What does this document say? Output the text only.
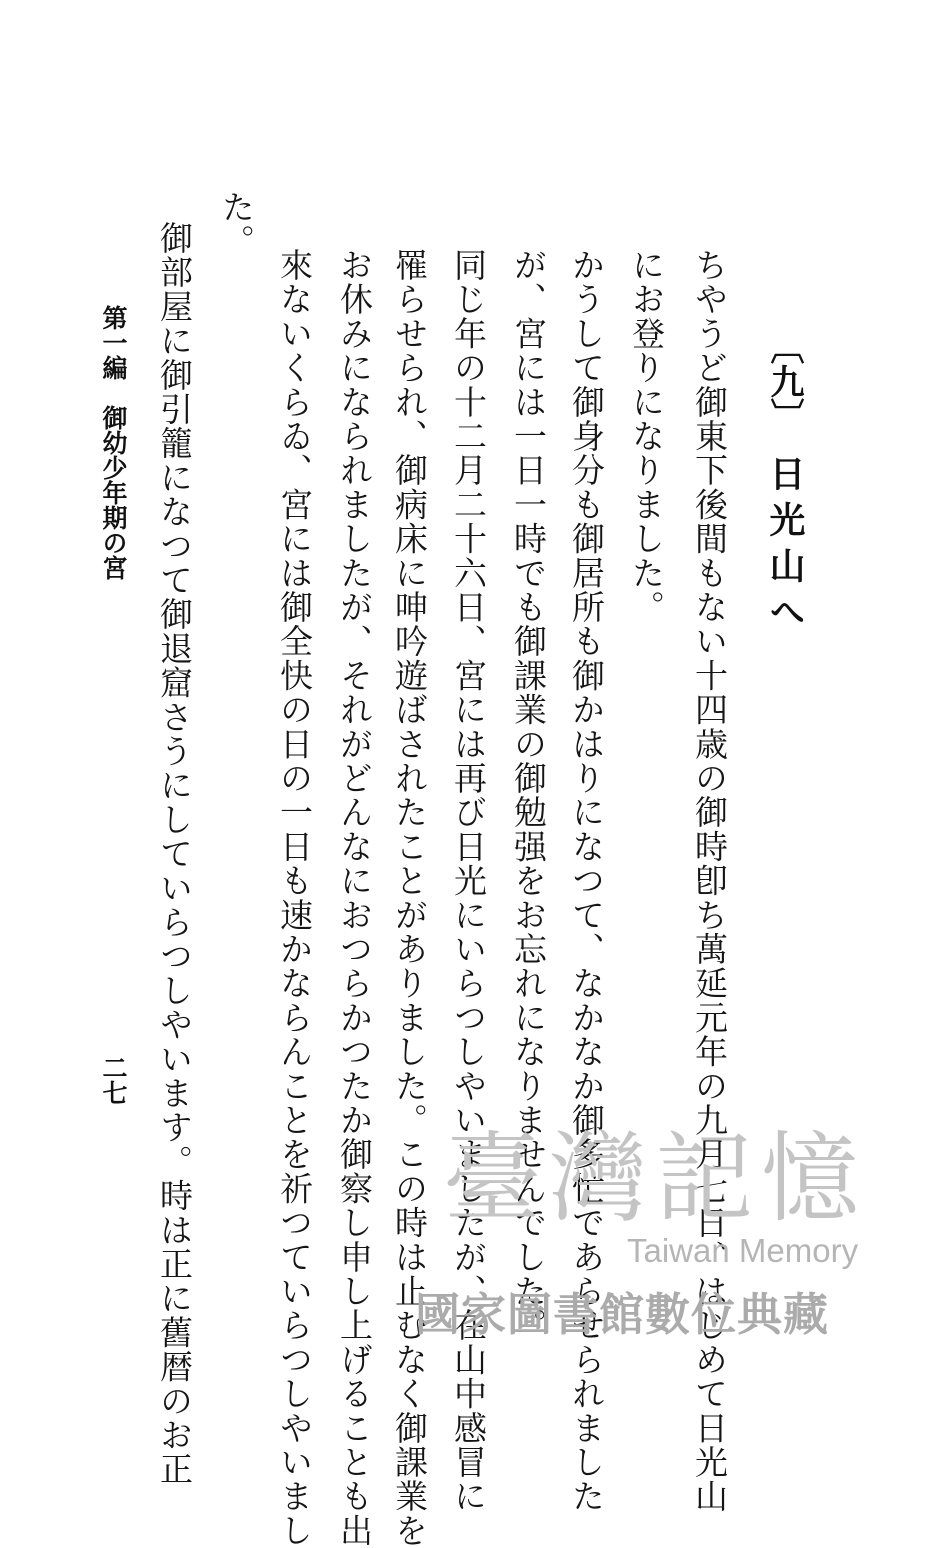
〔九〕
日光山へ
ちやうど御東下後間もない十四歳の御時卽ち萬延元年の九月七日、はじめて日光山
にお登りになりました。
かうして御身分も御居所も御かはりになつて、なかなか御多忙であらせられました
が、宮には一日一時でも御課業の御勉强をお忘れになりませんでした。
同じ年の十二月二十六日、宮には再び日光にいらつしやいましたが、在山中感冒に
罹らせられ、御病床に呻吟遊ばされたことがありました。この時は止むなく御課業を
お休みになられましたが、それがどんなにおつらかつたか御察し申し上げることも出
來ないくらゐ、宮には御全快の日の一日も速かならんことを祈つていらつしやいまし
た。
御部屋に御引籠になつて御退窟さうにしていらつしやいます。時は正に舊暦のお正
第一編　御幼少年期の宮
二七
臺灣記憶
Taiwan Memory
國家圖書館數位典藏
